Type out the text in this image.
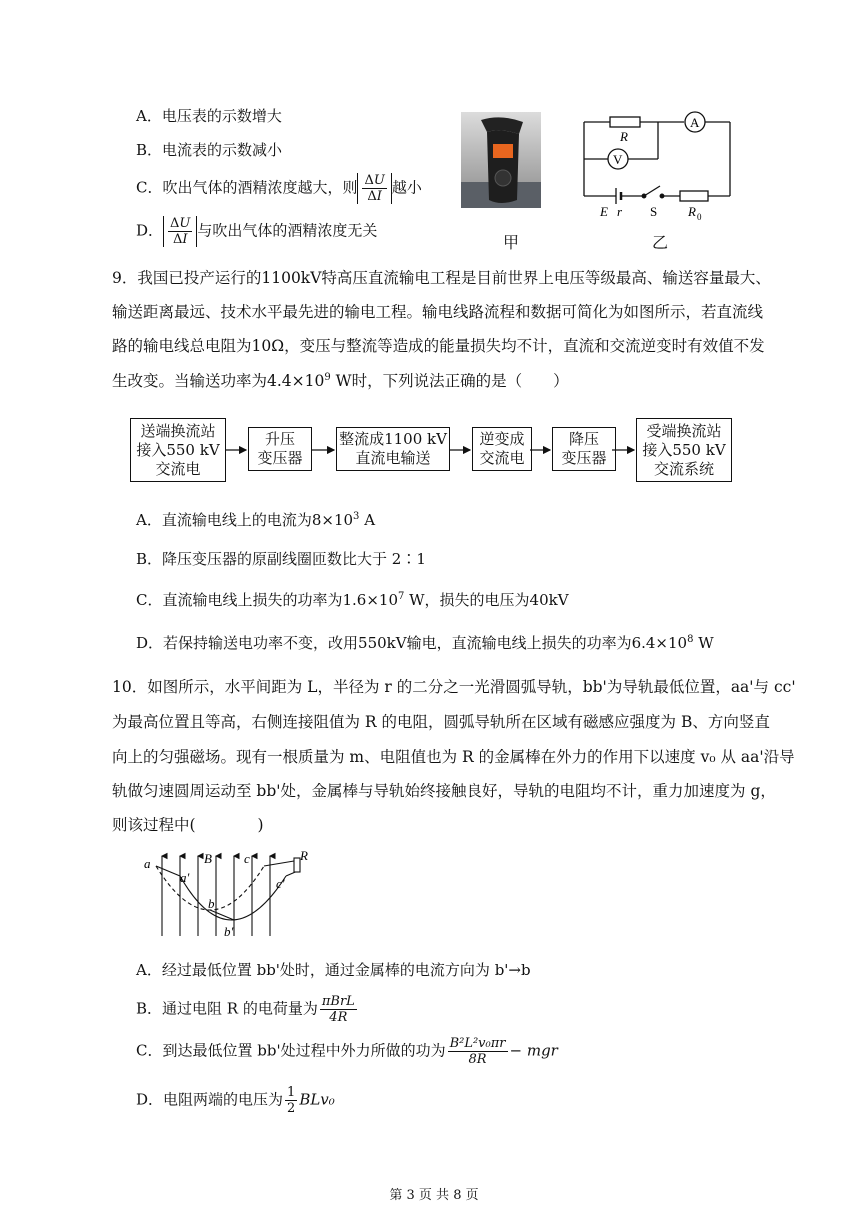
A．电压表的示数增大
B．电流表的示数减小
C．吹出气体的酒精浓度越大，则 $\frac{\Delta U}{\Delta I}$ 越小
D． $\frac{\Delta U}{\Delta I}$ 与吹出气体的酒精浓度无关
甲
R
A
V
E r S R 0
乙
9．我国已投产运行的1100kV特高压直流输电工程是目前世界上电压等级最高、输送容量最大、
输送距离最远、技术水平最先进的输电工程。输电线路流程和数据可简化为如图所示，若直流线
路的输电线总电阻为10Ω，变压与整流等造成的能量损失均不计，直流和交流逆变时有效值不发
生改变。当输送功率为$4.4\times 10^9$ W时，下列说法正确的是（　　）
送端换流站
接入550 kV
交流电
升压
变压器
整流成1100 kV
直流电输送
逆变成
交流电
降压
变压器
受端换流站
接入550 kV
交流系统
A．直流输电线上的电流为$8\times 10^3$ A
B．降压变压器的原副线圈匝数比大于 2∶1
C．直流输电线上损失的功率为$1.6\times 10^7$ W，损失的电压为40kV
D．若保持输送电功率不变，改用550kV输电，直流输电线上损失的功率为$6.4\times 10^8$ W
10．如图所示，水平间距为 L，半径为 r 的二分之一光滑圆弧导轨，bb'为导轨最低位置，aa'与 cc'
为最高位置且等高，右侧连接阻值为 R 的电阻，圆弧导轨所在区域有磁感应强度为 B、方向竖直
向上的匀强磁场。现有一根质量为 m、电阻值也为 R 的金属棒在外力的作用下以速度 v₀ 从 aa'沿导
轨做匀速圆周运动至 bb'处，金属棒与导轨始终接触良好，导轨的电阻均不计，重力加速度为 g，
则该过程中(　　　　)
a
a'
B
b
b'
c
c'
R
A．经过最低位置 bb'处时，通过金属棒的电流方向为 b'→b
B．通过电阻 R 的电荷量为 $\frac{\text{πBrL}}{4R}$
C．到达最低位置 bb'处过程中外力所做的功为 $\frac{\text{B²L²v₀πr}}{8R}$ − mgr
D．电阻两端的电压为 $\frac{1}{2} BLv_0$
第 3 页 共 8 页
